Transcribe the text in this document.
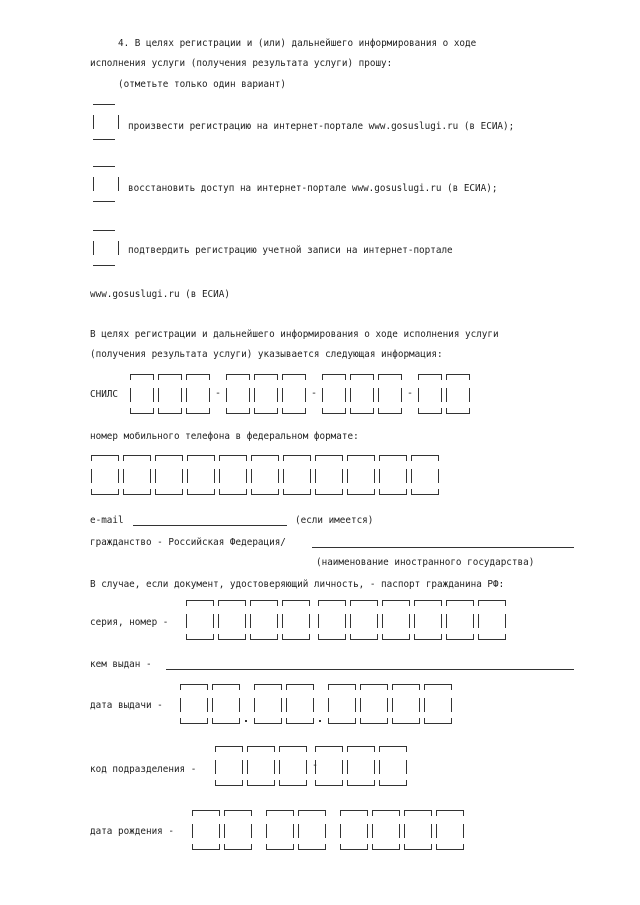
4. В целях регистрации и (или) дальнейшего информирования о ходе
исполнения услуги (получения результата услуги) прошу:
(отметьте только один вариант)
произвести регистрацию на интернет-портале www.gosuslugi.ru (в ЕСИА);
восстановить доступ на интернет-портале www.gosuslugi.ru (в ЕСИА);
подтвердить регистрацию учетной записи на интернет-портале
www.gosuslugi.ru (в ЕСИА)
В целях регистрации и дальнейшего информирования о ходе исполнения услуги
(получения результата услуги) указывается следующая информация:
СНИЛС	-	-	-
номер мобильного телефона в федеральном формате:
e-mail	(если имеется)
гражданство - Российская Федерация/
(наименование иностранного государства)
В случае, если документ, удостоверяющий личность, - паспорт гражданина РФ:
серия, номер -
кем выдан -
дата выдачи -
код подразделения -	-
дата рождения -
